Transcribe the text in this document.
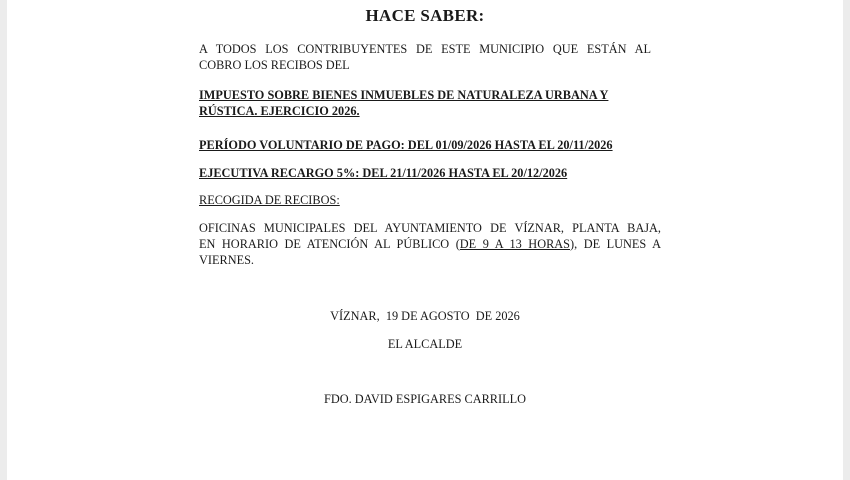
HACE SABER:
A TODOS LOS CONTRIBUYENTES DE ESTE MUNICIPIO QUE ESTÁN AL
COBRO LOS RECIBOS DEL
IMPUESTO SOBRE BIENES INMUEBLES DE NATURALEZA URBANA Y
RÚSTICA. EJERCICIO 2026.
PERÍODO VOLUNTARIO DE PAGO: DEL 01/09/2026 HASTA EL 20/11/2026
EJECUTIVA RECARGO 5%: DEL 21/11/2026 HASTA EL 20/12/2026
RECOGIDA DE RECIBOS:
OFICINAS MUNICIPALES DEL AYUNTAMIENTO DE VÍZNAR, PLANTA BAJA,
EN HORARIO DE ATENCIÓN AL PÚBLICO (DE 9 A 13 HORAS), DE LUNES A
VIERNES.
VÍZNAR,  19 DE AGOSTO  DE 2026
EL ALCALDE
FDO. DAVID ESPIGARES CARRILLO
